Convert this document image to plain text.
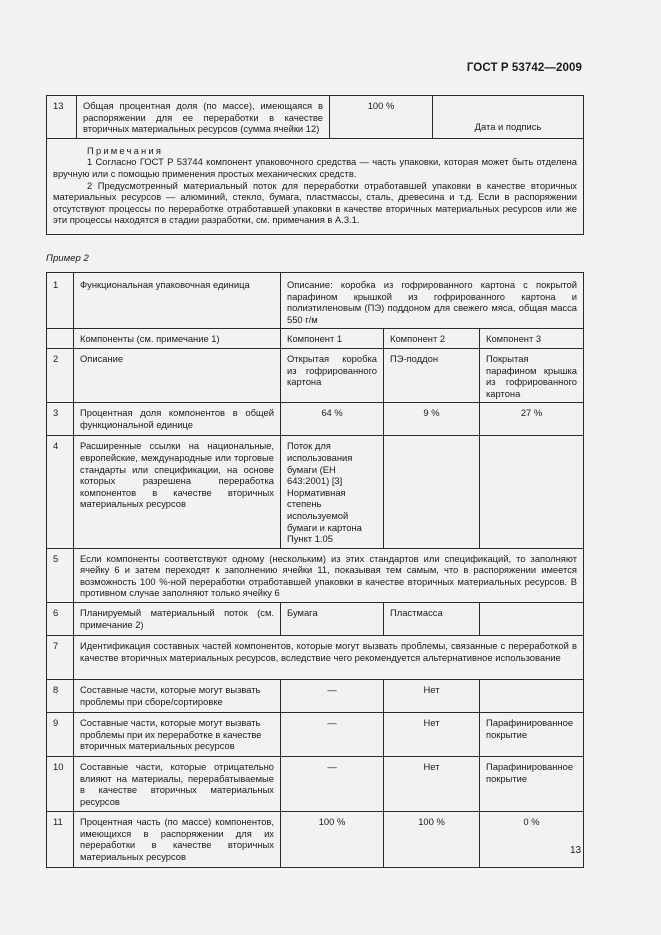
ГОСТ Р 53742—2009
13	Общая процентная доля (по массе), имеющаяся в распоряжении для ее переработки в качестве вторичных материальных ресурсов (сумма ячейки 12)	100 %	Дата и подпись

Примечания
1 Согласно ГОСТ Р 53744 компонент упаковочного средства — часть упаковки, которая может быть отделена вручную или с помощью применения простых механических средств.
2 Предусмотренный материальный поток для переработки отработавшей упаковки в качестве вторичных материальных ресурсов — алюминий, стекло, бумага, пластмассы, сталь, древесина и т.д. Если в распоряжении отсутствуют процессы по переработке отработавшей упаковки в качестве вторичных материальных ресурсов или же эти процессы находятся в стадии разработки, см. примечания в А.3.1.
Пример 2
1	Функциональная упаковочная единица	Описание: коробка из гофрированного картона с покрытой парафином крышкой из гофрированного картона и полиэтиленовым (ПЭ) поддоном для свежего мяса, общая масса 550 г/м		
	Компоненты (см. примечание 1)	Компонент 1	Компонент 2	Компонент 3
2	Описание	Открытая коробка из гофрированного картона	ПЭ-поддон	Покрытая парафином крышка из гофрированного картона
3	Процентная доля компонентов в общей функциональной единице	64 %	9 %	27 %
4	Расширенные ссылки на национальные, европейские, международные или торговые стандарты или спецификации, на основе которых разрешена переработка компонентов в качестве вторичных материальных ресурсов	Поток для использования бумаги (ЕН 643:2001) [3] Нормативная степень используемой бумаги и картона Пункт 1.05		
5	Если компоненты соответствуют одному (нескольким) из этих стандартов или спецификаций, то заполняют ячейку 6 и затем переходят к заполнению ячейки 11, показывая тем самым, что в распоряжении имеется возможность 100 %-ной переработки отработавшей упаковки в качестве вторичных материальных ресурсов. В противном случае заполняют только ячейку 6			
6	Планируемый материальный поток (см. примечание 2)	Бумага	Пластмасса	
7	Идентификация составных частей компонентов, которые могут вызвать проблемы, связанные с переработкой в качестве вторичных материальных ресурсов, вследствие чего рекомендуется альтернативное использование			
8	Составные части, которые могут вызвать проблемы при сборе/сортировке	—	Нет	
9	Составные части, которые могут вызвать проблемы при их переработке в качестве вторичных материальных ресурсов	—	Нет	Парафинированное покрытие
10	Составные части, которые отрицательно влияют на материалы, перерабатываемые в качестве вторичных материальных ресурсов	—	Нет	Парафинированное покрытие
11	Процентная часть (по массе) компонентов, имеющихся в распоряжении для их переработки в качестве вторичных материальных ресурсов	100 %	100 %	0 %
13
